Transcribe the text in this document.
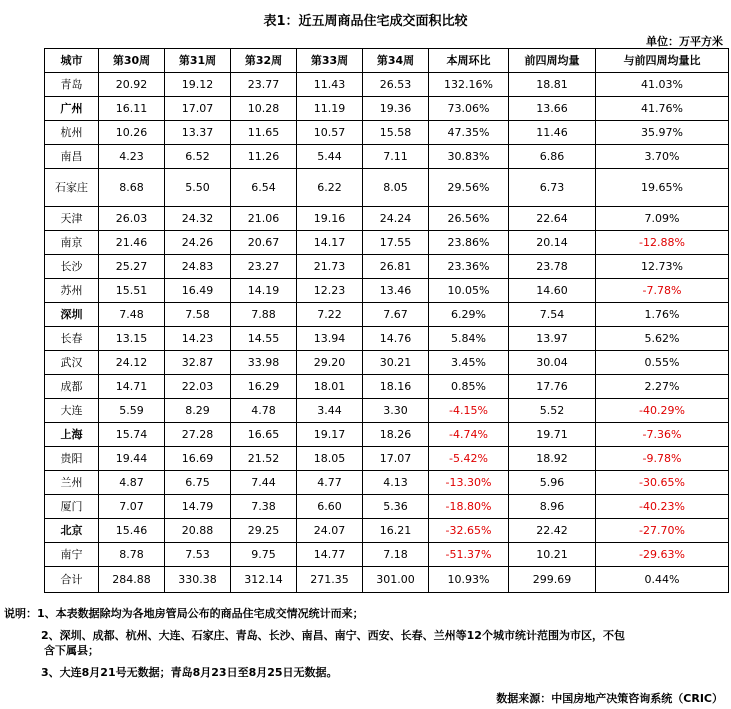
表1：近五周商品住宅成交面积比较
单位：万平方米
城市	第30周	第31周	第32周	第33周	第34周	本周环比	前四周均量	与前四周均量比
青岛	20.92	19.12	23.77	11.43	26.53	132.16%	18.81	41.03%
广州	16.11	17.07	10.28	11.19	19.36	73.06%	13.66	41.76%
杭州	10.26	13.37	11.65	10.57	15.58	47.35%	11.46	35.97%
南昌	4.23	6.52	11.26	5.44	7.11	30.83%	6.86	3.70%
石家庄	8.68	5.50	6.54	6.22	8.05	29.56%	6.73	19.65%
天津	26.03	24.32	21.06	19.16	24.24	26.56%	22.64	7.09%
南京	21.46	24.26	20.67	14.17	17.55	23.86%	20.14	-12.88%
长沙	25.27	24.83	23.27	21.73	26.81	23.36%	23.78	12.73%
苏州	15.51	16.49	14.19	12.23	13.46	10.05%	14.60	-7.78%
深圳	7.48	7.58	7.88	7.22	7.67	6.29%	7.54	1.76%
长春	13.15	14.23	14.55	13.94	14.76	5.84%	13.97	5.62%
武汉	24.12	32.87	33.98	29.20	30.21	3.45%	30.04	0.55%
成都	14.71	22.03	16.29	18.01	18.16	0.85%	17.76	2.27%
大连	5.59	8.29	4.78	3.44	3.30	-4.15%	5.52	-40.29%
上海	15.74	27.28	16.65	19.17	18.26	-4.74%	19.71	-7.36%
贵阳	19.44	16.69	21.52	18.05	17.07	-5.42%	18.92	-9.78%
兰州	4.87	6.75	7.44	4.77	4.13	-13.30%	5.96	-30.65%
厦门	7.07	14.79	7.38	6.60	5.36	-18.80%	8.96	-40.23%
北京	15.46	20.88	29.25	24.07	16.21	-32.65%	22.42	-27.70%
南宁	8.78	7.53	9.75	14.77	7.18	-51.37%	10.21	-29.63%
合计	284.88	330.38	312.14	271.35	301.00	10.93%	299.69	0.44%
说明：1、本表数据除均为各地房管局公布的商品住宅成交情况统计而来；
2、深圳、成都、杭州、大连、石家庄、青岛、长沙、南昌、南宁、西安、长春、兰州等12个城市统计范围为市区，不包
含下属县；
3、大连8月21号无数据；青岛8月23日至8月25日无数据。
数据来源：中国房地产决策咨询系统（CRIC）
